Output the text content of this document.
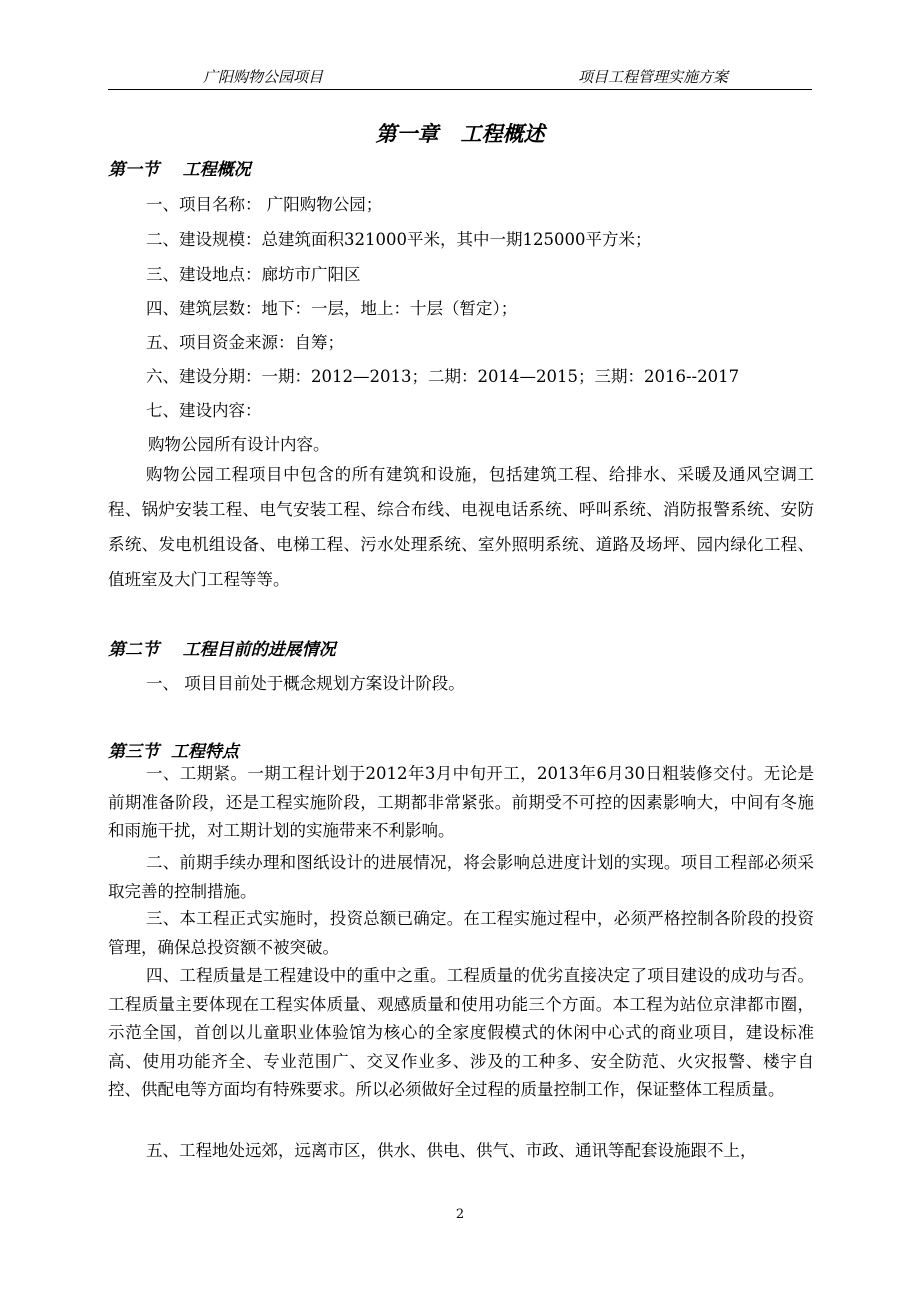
广阳购物公园项目	项目工程管理实施方案
第一章   工程概述
第一节    工程概况
一、项目名称： 广阳购物公园；
二、建设规模：总建筑面积321000平米，其中一期125000平方米；
三、建设地点：廊坊市广阳区
四、建筑层数：地下：一层，地上：十层（暂定）；
五、项目资金来源：自筹；
六、建设分期：一期：2012—2013；二期：2014—2015；三期：2016--2017
七、建设内容：
购物公园所有设计内容。
购物公园工程项目中包含的所有建筑和设施，包括建筑工程、给排水、采暖及通风空调工程、锅炉安装工程、电气安装工程、综合布线、电视电话系统、呼叫系统、消防报警系统、安防系统、发电机组设备、电梯工程、污水处理系统、室外照明系统、道路及场坪、园内绿化工程、值班室及大门工程等等。
第二节    工程目前的进展情况
一、 项目目前处于概念规划方案设计阶段。
第三节  工程特点
一、工期紧。一期工程计划于2012年3月中旬开工，2013年6月30日粗装修交付。无论是前期准备阶段，还是工程实施阶段，工期都非常紧张。前期受不可控的因素影响大，中间有冬施和雨施干扰，对工期计划的实施带来不利影响。
二、前期手续办理和图纸设计的进展情况，将会影响总进度计划的实现。项目工程部必须采取完善的控制措施。
三、本工程正式实施时，投资总额已确定。在工程实施过程中，必须严格控制各阶段的投资管理，确保总投资额不被突破。
四、工程质量是工程建设中的重中之重。工程质量的优劣直接决定了项目建设的成功与否。工程质量主要体现在工程实体质量、观感质量和使用功能三个方面。本工程为站位京津都市圈，示范全国，首创以儿童职业体验馆为核心的全家度假模式的休闲中心式的商业项目，建设标准高、使用功能齐全、专业范围广、交叉作业多、涉及的工种多、安全防范、火灾报警、楼宇自控、供配电等方面均有特殊要求。所以必须做好全过程的质量控制工作，保证整体工程质量。
五、工程地处远郊，远离市区，供水、供电、供气、市政、通讯等配套设施跟不上，
2
